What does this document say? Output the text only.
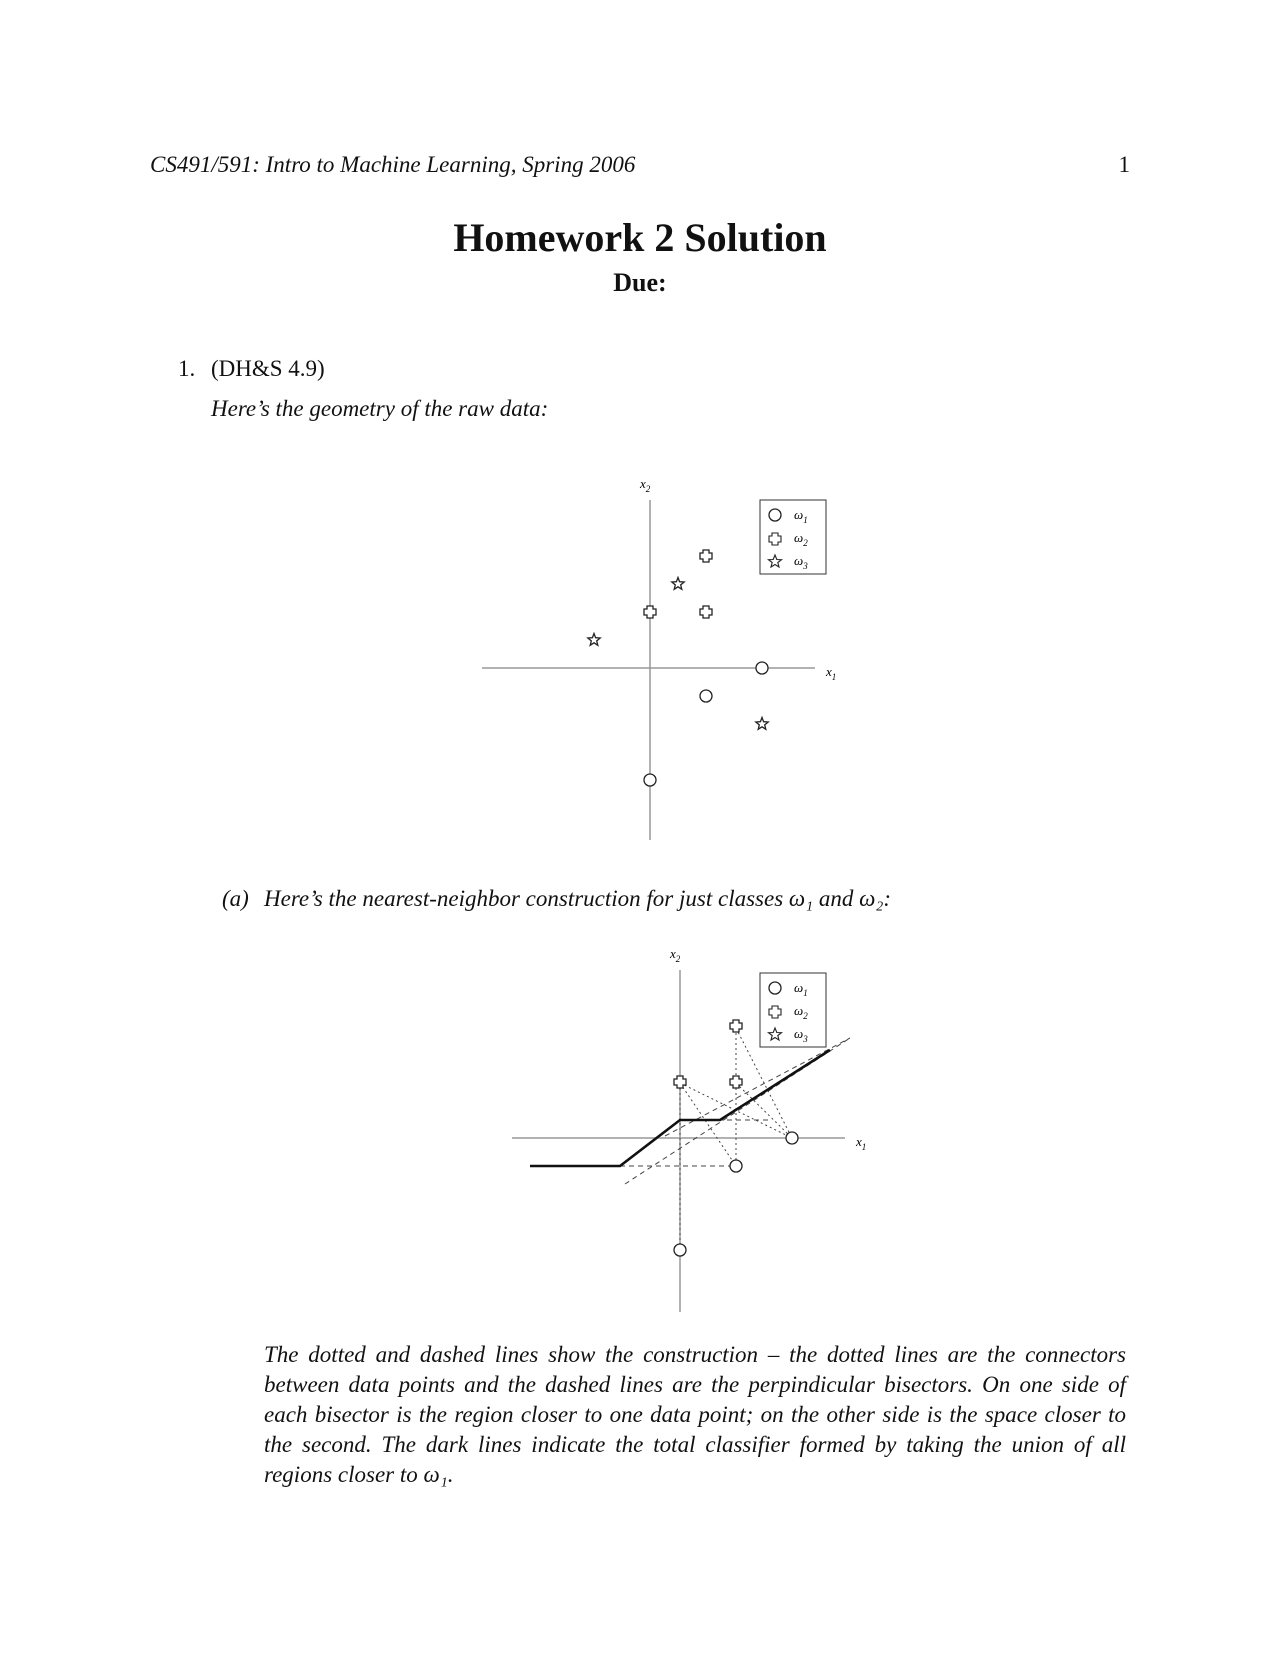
CS491/591: Intro to Machine Learning, Spring 2006	1
Homework 2 Solution
Due:
1. (DH&S 4.9)
Here’s the geometry of the raw data:
$x_1$
$x_2$
$\omega_1$
$\omega_2$
$\omega_3$
(a) Here’s the nearest-neighbor construction for just classes ω₁ and ω₂:
$x_1$
$x_2$
$\omega_1$
$\omega_2$
$\omega_3$
The dotted and dashed lines show the construction – the dotted lines are the connectors between data points and the dashed lines are the perpindicular bisectors. On one side of each bisector is the region closer to one data point; on the other side is the space closer to the second. The dark lines indicate the total classifier formed by taking the union of all regions closer to ω₁.
